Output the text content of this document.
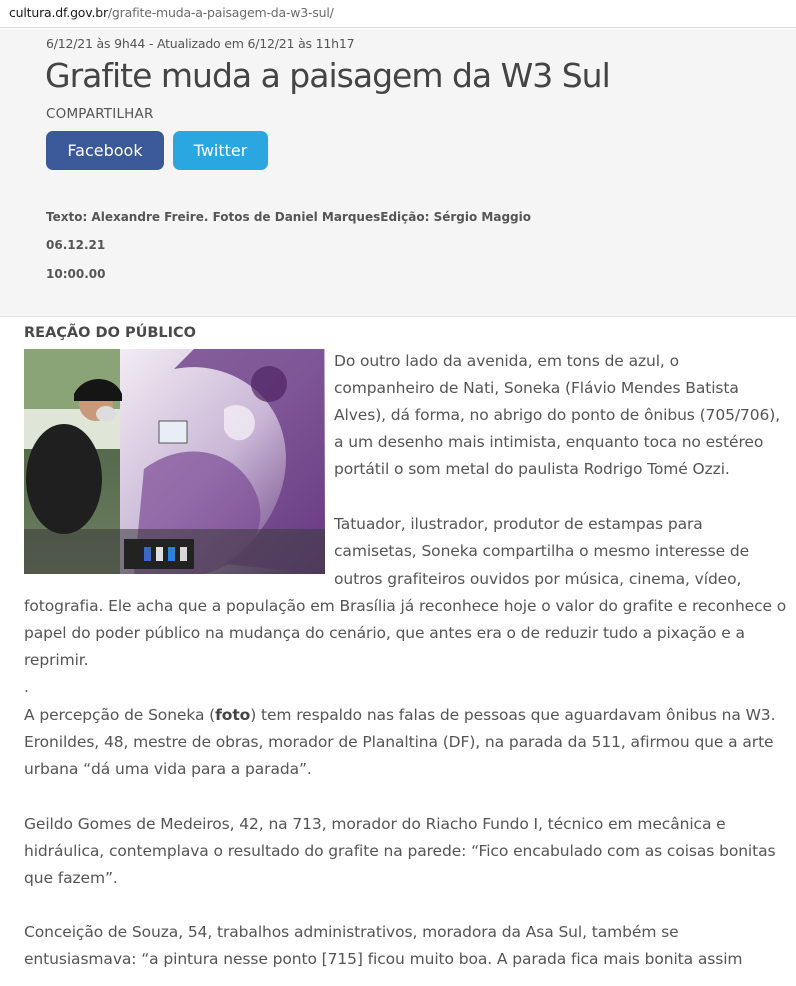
cultura.df.gov.br/grafite-muda-a-paisagem-da-w3-sul/
6/12/21 às 9h44 - Atualizado em 6/12/21 às 11h17
Grafite muda a paisagem da W3 Sul
COMPARTILHAR
Facebook	Twitter
Texto: Alexandre Freire. Fotos de Daniel MarquesEdição: Sérgio Maggio
06.12.21
10:00.00
REAÇÃO DO PÚBLICO
Do outro lado da avenida, em tons de azul, o
companheiro de Nati, Soneka (Flávio Mendes Batista
Alves), dá forma, no abrigo do ponto de ônibus (705/706),
a um desenho mais intimista, enquanto toca no estéreo
portátil o som metal do paulista Rodrigo Tomé Ozzi.
Tatuador, ilustrador, produtor de estampas para
camisetas, Soneka compartilha o mesmo interesse de
outros grafiteiros ouvidos por música, cinema, vídeo,
fotografia. Ele acha que a população em Brasília já reconhece hoje o valor do grafite e reconhece o
papel do poder público na mudança do cenário, que antes era o de reduzir tudo a pixação e a
reprimir.
.
A percepção de Soneka (foto) tem respaldo nas falas de pessoas que aguardavam ônibus na W3.
Eronildes, 48, mestre de obras, morador de Planaltina (DF), na parada da 511, afirmou que a arte
urbana “dá uma vida para a parada”.
Geildo Gomes de Medeiros, 42, na 713, morador do Riacho Fundo I, técnico em mecânica e
hidráulica, contemplava o resultado do grafite na parede: “Fico encabulado com as coisas bonitas
que fazem”.
Conceição de Souza, 54, trabalhos administrativos, moradora da Asa Sul, também se
entusiasmava: “a pintura nesse ponto [715] ficou muito boa. A parada fica mais bonita assim
